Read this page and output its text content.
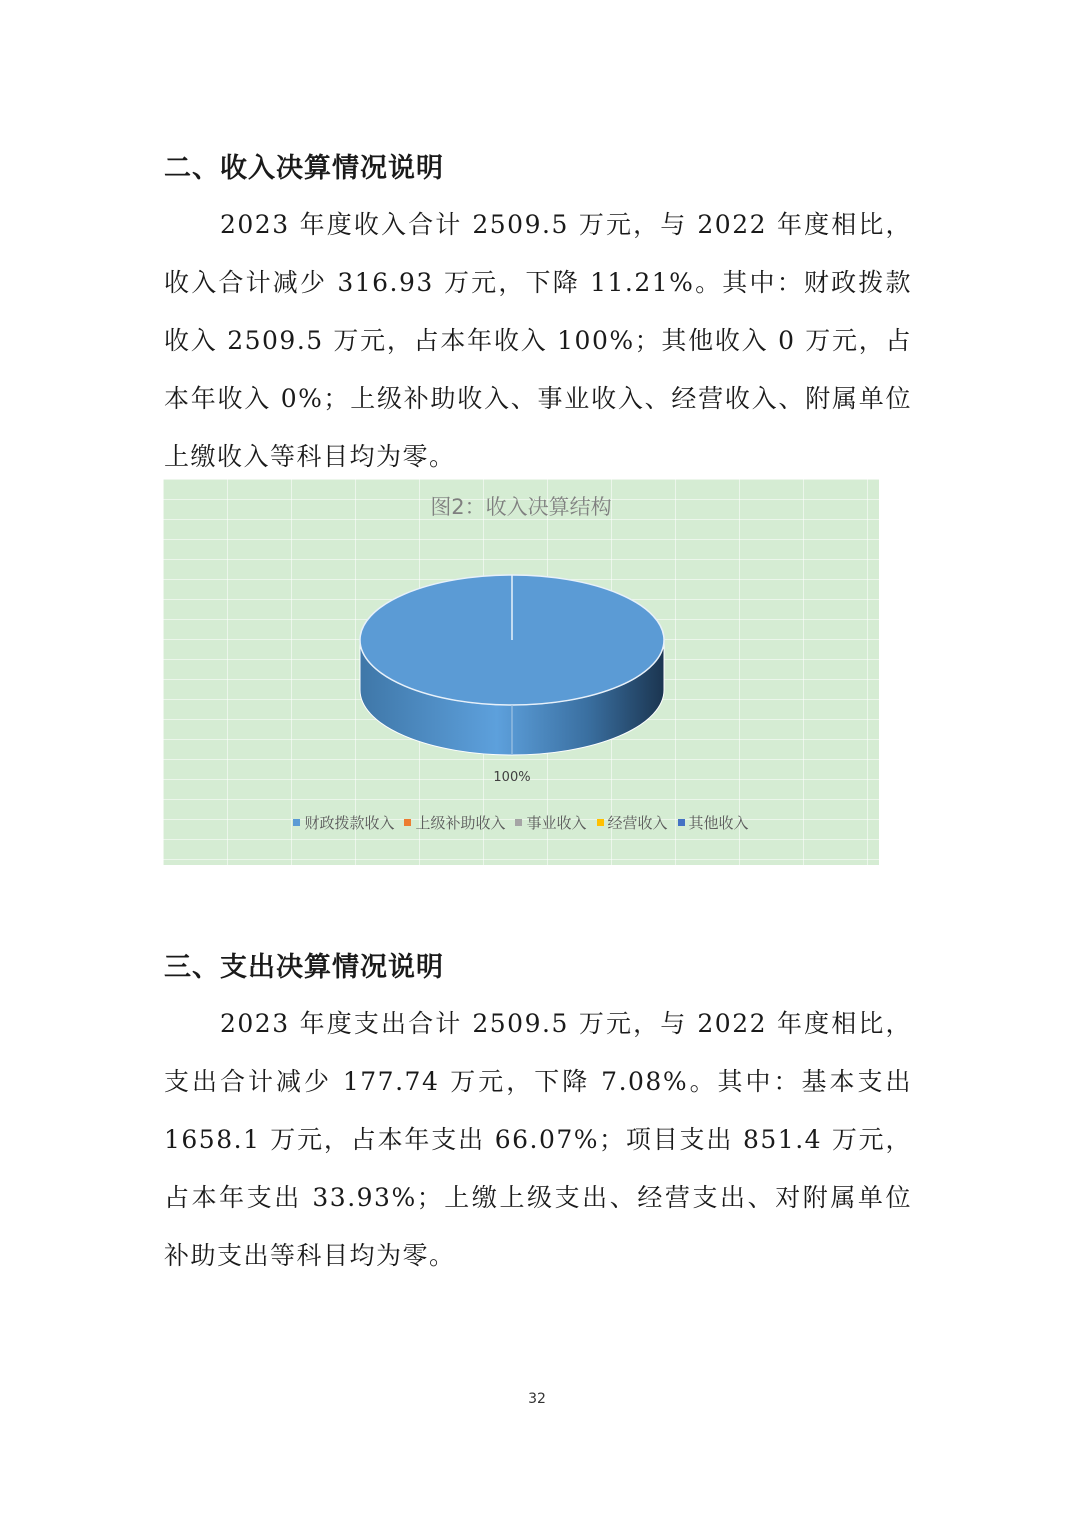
二、收入决算情况说明

2023 年度收入合计 2509.5 万元，与 2022 年度相比，收入合计减少 316.93 万元，下降 11.21%。其中：财政拨款收入 2509.5 万元，占本年收入 100%；其他收入 0 万元，占本年收入 0%；上级补助收入、事业收入、经营收入、附属单位上缴收入等科目均为零。

图2：收入决算结构

100%
财政拨款收入 上级补助收入 事业收入 经营收入 其他收入
三、支出决算情况说明

2023 年度支出合计 2509.5 万元，与 2022 年度相比，支出合计减少 177.74 万元，下降 7.08%。其中：基本支出 1658.1 万元，占本年支出 66.07%；项目支出 851.4 万元，占本年支出 33.93%；上缴上级支出、经营支出、对附属单位补助支出等科目均为零。

32
